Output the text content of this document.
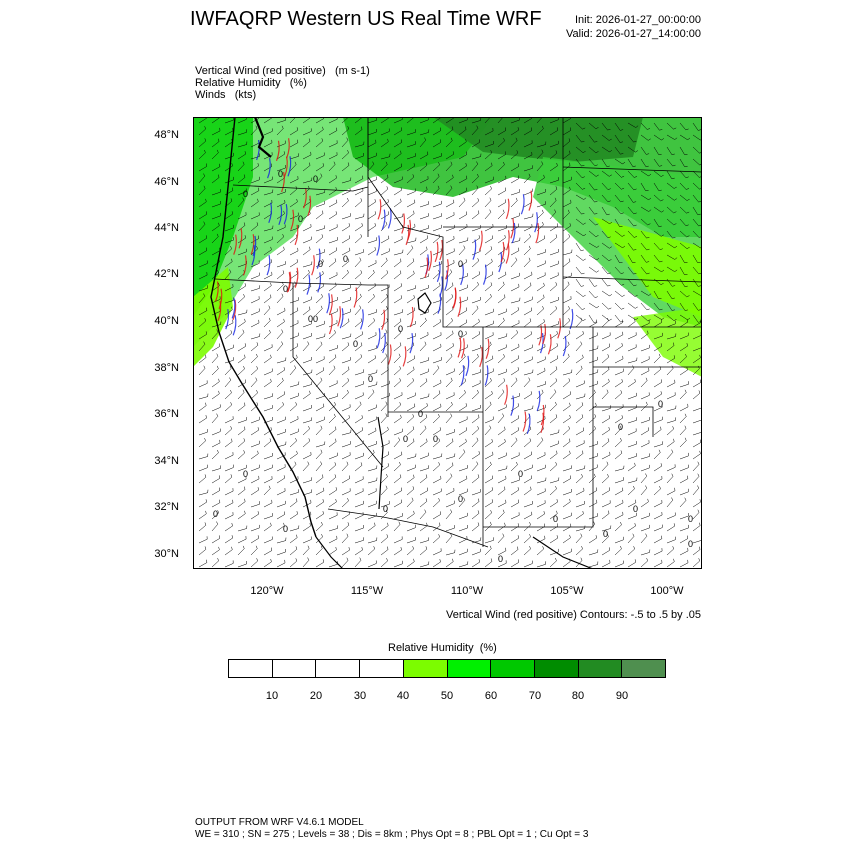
IWFAQRP Western US Real Time WRF	Init: 2026-01-27_00:00:00
Valid: 2026-01-27_14:00:00
Vertical Wind (red positive)   (m s-1)
Relative Humidity   (%)
Winds   (kts)
0
0	0
0
0 0
0
0
0
0	0
0
0
0
0
0
0
0
0
0
0
0
0
0
0
0
0
0
0
0
0
48°N
46°N
44°N
42°N
40°N
38°N
36°N
34°N
32°N
30°N
120°W	115°W	110°W	105°W	100°W
Vertical Wind (red positive) Contours: -.5 to .5 by .05
Relative Humidity  (%)
10	20	30	40	50	60	70	80	90
OUTPUT FROM WRF V4.6.1 MODEL
WE = 310 ; SN = 275 ; Levels = 38 ; Dis = 8km ; Phys Opt = 8 ; PBL Opt = 1 ; Cu Opt = 3
